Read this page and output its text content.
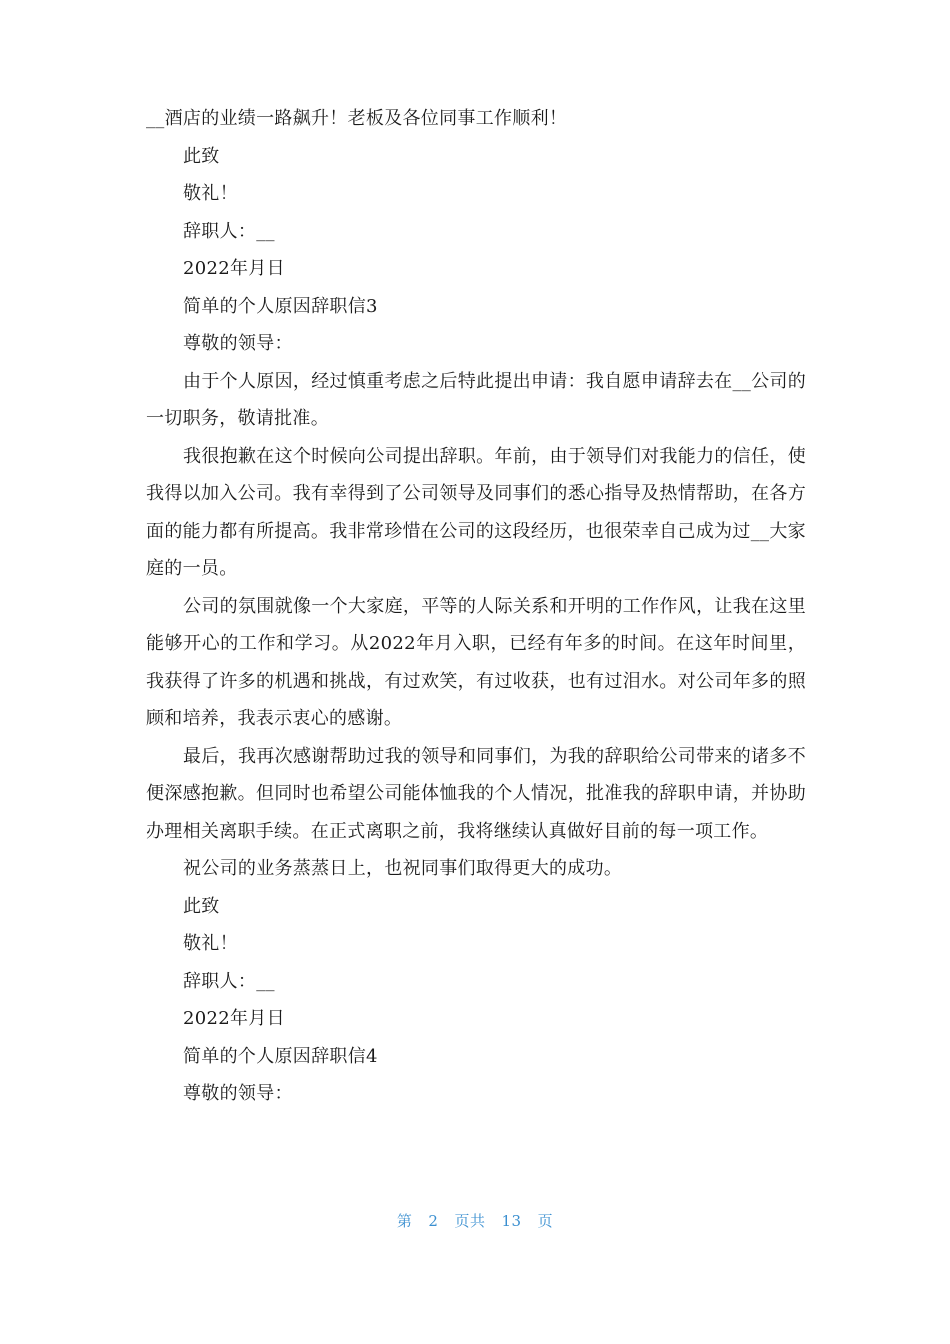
__酒店的业绩一路飙升！老板及各位同事工作顺利！

此致

敬礼！

辞职人：__

2022年月日

简单的个人原因辞职信3

尊敬的领导：

由于个人原因，经过慎重考虑之后特此提出申请：我自愿申请辞去在__公司的一切职务，敬请批准。

我很抱歉在这个时候向公司提出辞职。年前，由于领导们对我能力的信任，使我得以加入公司。我有幸得到了公司领导及同事们的悉心指导及热情帮助，在各方面的能力都有所提高。我非常珍惜在公司的这段经历，也很荣幸自己成为过__大家庭的一员。

公司的氛围就像一个大家庭，平等的人际关系和开明的工作作风，让我在这里能够开心的工作和学习。从2022年月入职，已经有年多的时间。在这年时间里，我获得了许多的机遇和挑战，有过欢笑，有过收获，也有过泪水。对公司年多的照顾和培养，我表示衷心的感谢。

最后，我再次感谢帮助过我的领导和同事们，为我的辞职给公司带来的诸多不便深感抱歉。但同时也希望公司能体恤我的个人情况，批准我的辞职申请，并协助办理相关离职手续。在正式离职之前，我将继续认真做好目前的每一项工作。

祝公司的业务蒸蒸日上，也祝同事们取得更大的成功。

此致

敬礼！

辞职人：__

2022年月日

简单的个人原因辞职信4

尊敬的领导：

第 2 页共 13 页
